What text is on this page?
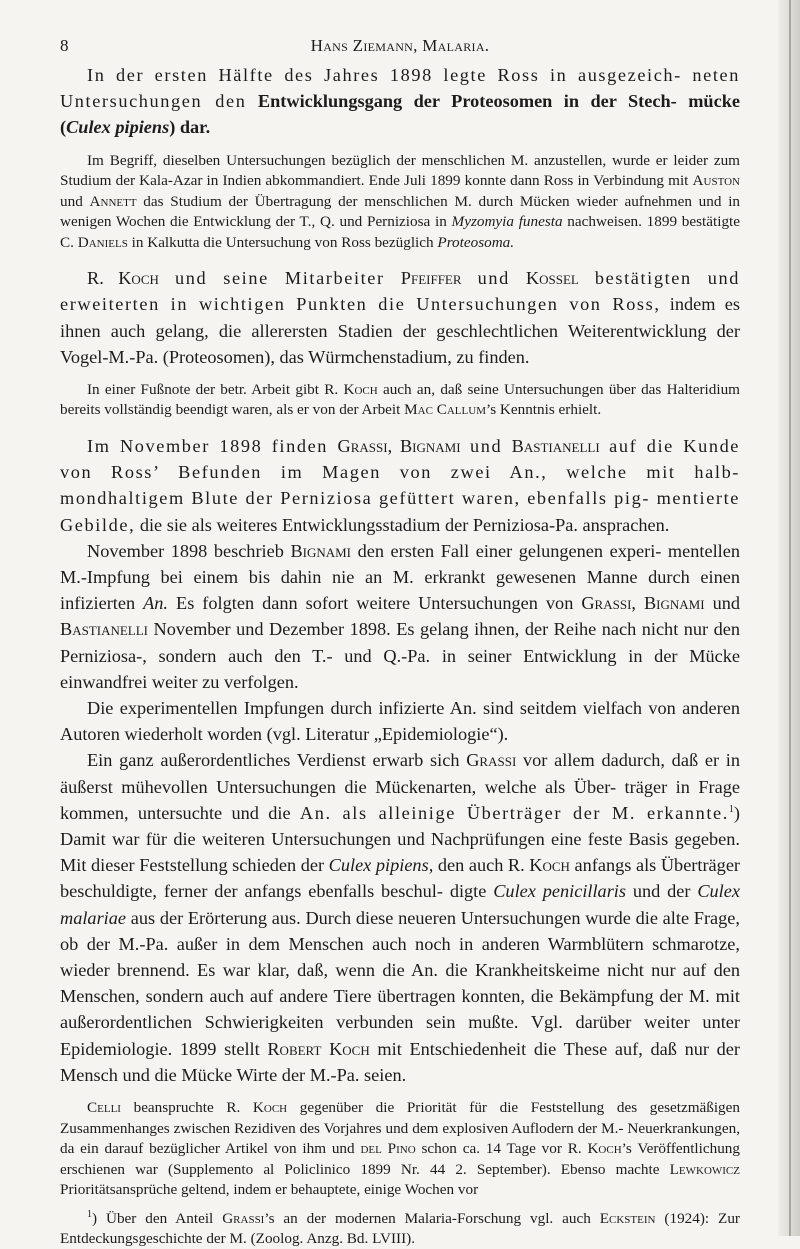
8	Hans Ziemann, Malaria.

In der ersten Hälfte des Jahres 1898 legte Ross in ausgezeich- neten Untersuchungen den Entwicklungsgang der Proteosomen in der Stech- mücke (Culex pipiens) dar.

Im Begriff, dieselben Untersuchungen bezüglich der menschlichen M. anzustellen, wurde er leider zum Studium der Kala-Azar in Indien abkommandiert. Ende Juli 1899 konnte dann Ross in Verbindung mit Auston und Annett das Studium der Übertragung der menschlichen M. durch Mücken wieder aufnehmen und in wenigen Wochen die Entwicklung der T., Q. und Perniziosa in Myzomyia funesta nachweisen. 1899 bestätigte C. Daniels in Kalkutta die Untersuchung von Ross bezüglich Proteosoma.

R. Koch und seine Mitarbeiter Pfeiffer und Kossel bestätigten und erweiterten in wichtigen Punkten die Untersuchungen von Ross, indem es ihnen auch gelang, die allerersten Stadien der geschlechtlichen Weiterentwicklung der Vogel-M.-Pa. (Proteosomen), das Würmchenstadium, zu finden.

In einer Fußnote der betr. Arbeit gibt R. Koch auch an, daß seine Untersuchungen über das Halteridium bereits vollständig beendigt waren, als er von der Arbeit Mac Callum’s Kenntnis erhielt.

Im November 1898 finden Grassi, Bignami und Bastianelli auf die Kunde von Ross’ Befunden im Magen von zwei An., welche mit halb- mondhaltigem Blute der Perniziosa gefüttert waren, ebenfalls pig- mentierte Gebilde, die sie als weiteres Entwicklungsstadium der Perniziosa-Pa. ansprachen.

November 1898 beschrieb Bignami den ersten Fall einer gelungenen experi- mentellen M.-Impfung bei einem bis dahin nie an M. erkrankt gewesenen Manne durch einen infizierten An. Es folgten dann sofort weitere Untersuchungen von Grassi, Bignami und Bastianelli November und Dezember 1898. Es gelang ihnen, der Reihe nach nicht nur den Perniziosa-, sondern auch den T.- und Q.-Pa. in seiner Entwicklung in der Mücke einwandfrei weiter zu verfolgen.

Die experimentellen Impfungen durch infizierte An. sind seitdem vielfach von anderen Autoren wiederholt worden (vgl. Literatur „Epidemiologie“).

Ein ganz außerordentliches Verdienst erwarb sich Grassi vor allem dadurch, daß er in äußerst mühevollen Untersuchungen die Mückenarten, welche als Über- träger in Frage kommen, untersuchte und die An. als alleinige Überträger der M. erkannte.$^1$) Damit war für die weiteren Untersuchungen und Nachprüfungen eine feste Basis gegeben. Mit dieser Feststellung schieden der Culex pipiens, den auch R. Koch anfangs als Überträger beschuldigte, ferner der anfangs ebenfalls beschul- digte Culex penicillaris und der Culex malariae aus der Erörterung aus. Durch diese neueren Untersuchungen wurde die alte Frage, ob der M.-Pa. außer in dem Menschen auch noch in anderen Warmblütern schmarotze, wieder brennend. Es war klar, daß, wenn die An. die Krankheitskeime nicht nur auf den Menschen, sondern auch auf andere Tiere übertragen konnten, die Bekämpfung der M. mit außerordentlichen Schwierigkeiten verbunden sein mußte. Vgl. darüber weiter unter Epidemiologie. 1899 stellt Robert Koch mit Entschiedenheit die These auf, daß nur der Mensch und die Mücke Wirte der M.-Pa. seien.

Celli beanspruchte R. Koch gegenüber die Priorität für die Feststellung des gesetzmäßigen Zusammenhanges zwischen Rezidiven des Vorjahres und dem explosiven Auflodern der M.- Neuerkrankungen, da ein darauf bezüglicher Artikel von ihm und del Pino schon ca. 14 Tage vor R. Koch’s Veröffentlichung erschienen war (Supplemento al Policlinico 1899 Nr. 44 2. September). Ebenso machte Lewkowicz Prioritätsansprüche geltend, indem er behauptete, einige Wochen vor

$^1$) Über den Anteil Grassi’s an der modernen Malaria-Forschung vgl. auch Eckstein (1924): Zur Entdeckungsgeschichte der M. (Zoolog. Anzg. Bd. LVIII).
